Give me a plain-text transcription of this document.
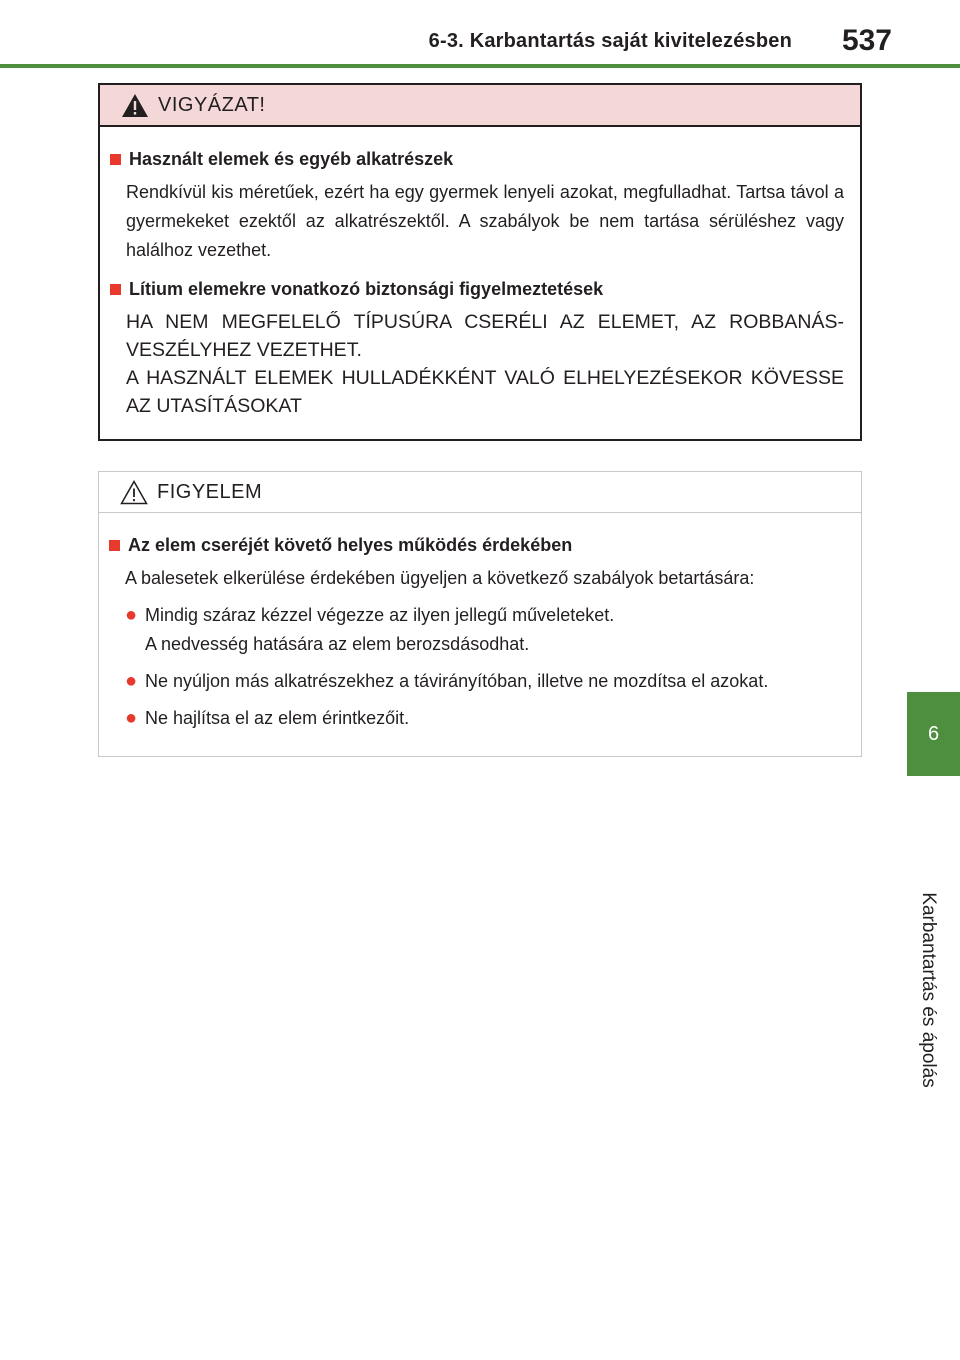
6-3. Karbantartás saját kivitelezésben 537
VIGYÁZAT!
Használt elemek és egyéb alkatrészek

Rendkívül kis méretűek, ezért ha egy gyermek lenyeli azokat, megfulladhat. Tartsa távol a gyermekeket ezektől az alkatrészektől. A szabályok be nem tartása sérüléshez vagy halálhoz vezethet.

Lítium elemekre vonatkozó biztonsági figyelmeztetések

HA NEM MEGFELELŐ TÍPUSÚRA CSERÉLI AZ ELEMET, AZ ROBBANÁS-VESZÉLYHEZ VEZETHET.

A HASZNÁLT ELEMEK HULLADÉKKÉNT VALÓ ELHELYEZÉSEKOR KÖVESSE AZ UTASÍTÁSOKAT

FIGYELEM
Az elem cseréjét követő helyes működés érdekében

A balesetek elkerülése érdekében ügyeljen a következő szabályok betartására:

● Mindig száraz kézzel végezze az ilyen jellegű műveleteket.
A nedvesség hatására az elem berozsdásodhat.
● Ne nyúljon más alkatrészekhez a távirányítóban, illetve ne mozdítsa el azokat.
● Ne hajlítsa el az elem érintkezőit.
6
Karbantartás és ápolás
